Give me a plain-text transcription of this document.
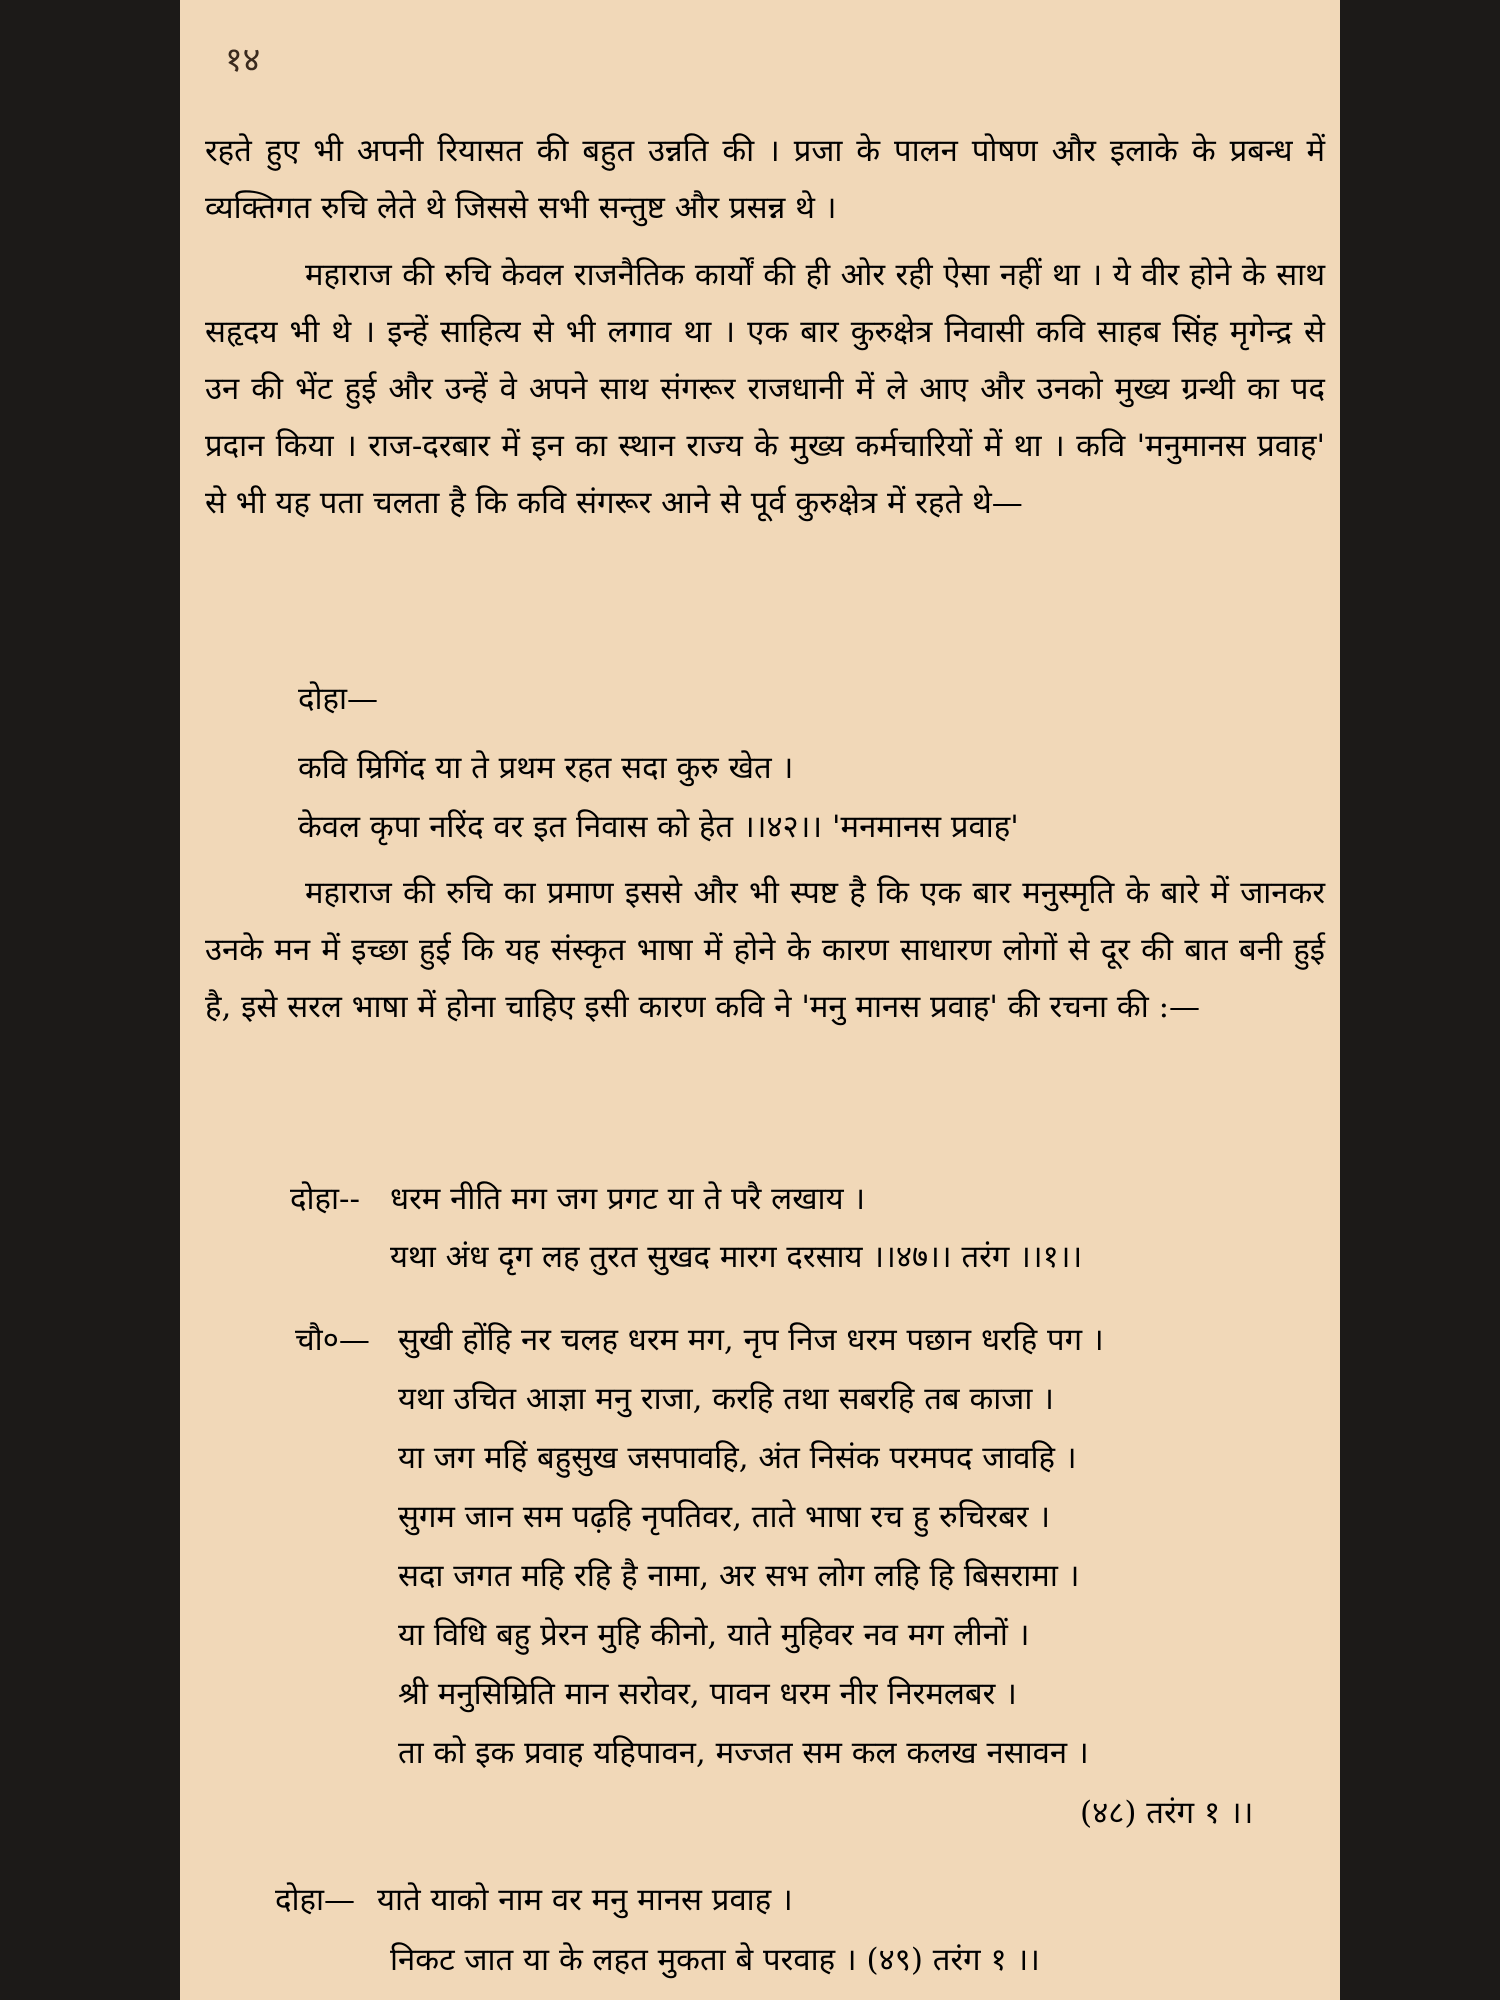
१४
रहते हुए भी अपनी रियासत की बहुत उन्नति की । प्रजा के पालन पोषण और इलाके के प्रबन्ध में व्यक्तिगत रुचि लेते थे जिससे सभी सन्तुष्ट और प्रसन्न थे ।
महाराज की रुचि केवल राजनैतिक कार्यों की ही ओर रही ऐसा नहीं था । ये वीर होने के साथ सहृदय भी थे । इन्हें साहित्य से भी लगाव था । एक बार कुरुक्षेत्र निवासी कवि साहब सिंह मृगेन्द्र से उन की भेंट हुई और उन्हें वे अपने साथ संगरूर राजधानी में ले आए और उनको मुख्य ग्रन्थी का पद प्रदान किया । राज-दरबार में इन का स्थान राज्य के मुख्य कर्मचारियों में था । कवि 'मनुमानस प्रवाह' से भी यह पता चलता है कि कवि संगरूर आने से पूर्व कुरुक्षेत्र में रहते थे—
दोहा—
कवि म्रिगिंद या ते प्रथम रहत सदा कुरु खेत ।
केवल कृपा नरिंद वर इत निवास को हेत ।।४२।। 'मनमानस प्रवाह'
महाराज की रुचि का प्रमाण इससे और भी स्पष्ट है कि एक बार मनुस्मृति के बारे में जानकर उनके मन में इच्छा हुई कि यह संस्कृत भाषा में होने के कारण साधारण लोगों से दूर की बात बनी हुई है, इसे सरल भाषा में होना चाहिए इसी कारण कवि ने 'मनु मानस प्रवाह' की रचना की :—
दोहा-- धरम नीति मग जग प्रगट या ते परै लखाय ।
यथा अंध दृग लह तुरत सुखद मारग दरसाय ।।४७।। तरंग ।।१।।
चौ०— सुखी होंहि नर चलह धरम मग, नृप निज धरम पछान धरहि पग ।
यथा उचित आज्ञा मनु राजा, करहि तथा सबरहि तब काजा ।
या जग महिं बहुसुख जसपावहि, अंत निसंक परमपद जावहि ।
सुगम जान सम पढ़हि नृपतिवर, ताते भाषा रच हु रुचिरबर ।
सदा जगत महि रहि है नामा, अर सभ लोग लहि हि बिसरामा ।
या विधि बहु प्रेरन मुहि कीनो, याते मुहिवर नव मग लीनों ।
श्री मनुसिम्रिति मान सरोवर, पावन धरम नीर निरमलबर ।
ता को इक प्रवाह यहिपावन, मज्जत सम कल कलख नसावन ।
(४८) तरंग १ ।।
दोहा— याते याको नाम वर मनु मानस प्रवाह ।
निकट जात या के लहत मुकता बे परवाह । (४९) तरंग १ ।।
